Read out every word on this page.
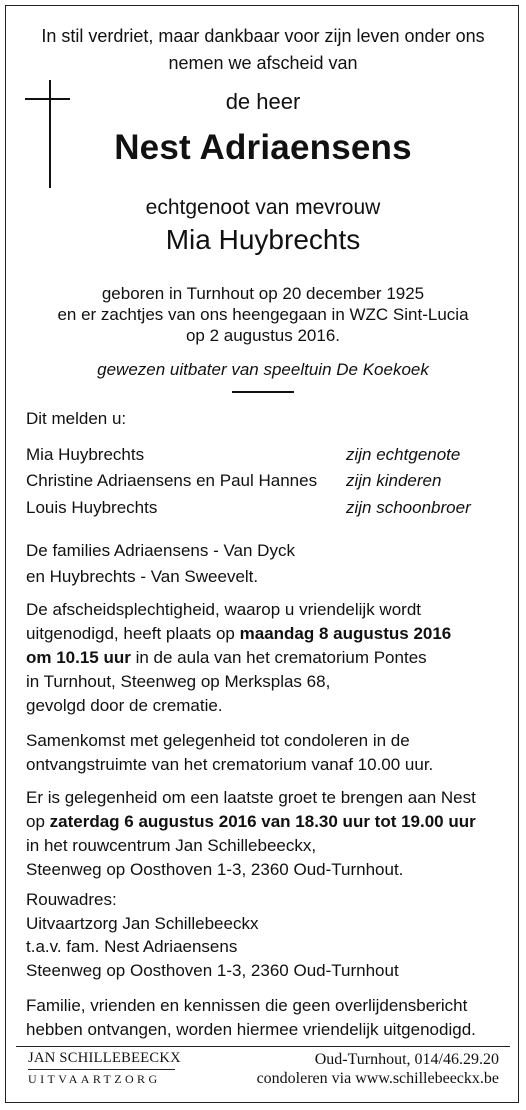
In stil verdriet, maar dankbaar voor zijn leven onder ons
nemen we afscheid van
de heer
Nest Adriaensens
echtgenoot van mevrouw
Mia Huybrechts
geboren in Turnhout op 20 december 1925
en er zachtjes van ons heengegaan in WZC Sint-Lucia
op 2 augustus 2016.
gewezen uitbater van speeltuin De Koekoek
Dit melden u:
Mia Huybrechts	zijn echtgenote
Christine Adriaensens en Paul Hannes zijn kinderen
Louis Huybrechts	zijn schoonbroer
De families Adriaensens - Van Dyck
en Huybrechts - Van Sweevelt.
De afscheidsplechtigheid, waarop u vriendelijk wordt
uitgenodigd, heeft plaats op maandag 8 augustus 2016
om 10.15 uur in de aula van het crematorium Pontes
in Turnhout, Steenweg op Merksplas 68,
gevolgd door de crematie.
Samenkomst met gelegenheid tot condoleren in de
ontvangstruimte van het crematorium vanaf 10.00 uur.
Er is gelegenheid om een laatste groet te brengen aan Nest
op zaterdag 6 augustus 2016 van 18.30 uur tot 19.00 uur
in het rouwcentrum Jan Schillebeeckx,
Steenweg op Oosthoven 1-3, 2360 Oud-Turnhout.
Rouwadres:
Uitvaartzorg Jan Schillebeeckx
t.a.v. fam. Nest Adriaensens
Steenweg op Oosthoven 1-3, 2360 Oud-Turnhout
Familie, vrienden en kennissen die geen overlijdensbericht
hebben ontvangen, worden hiermee vriendelijk uitgenodigd.
JAN SCHILLEBEECKX
UITVAARTZORG
Oud-Turnhout, 014/46.29.20
condoleren via www.schillebeeckx.be
